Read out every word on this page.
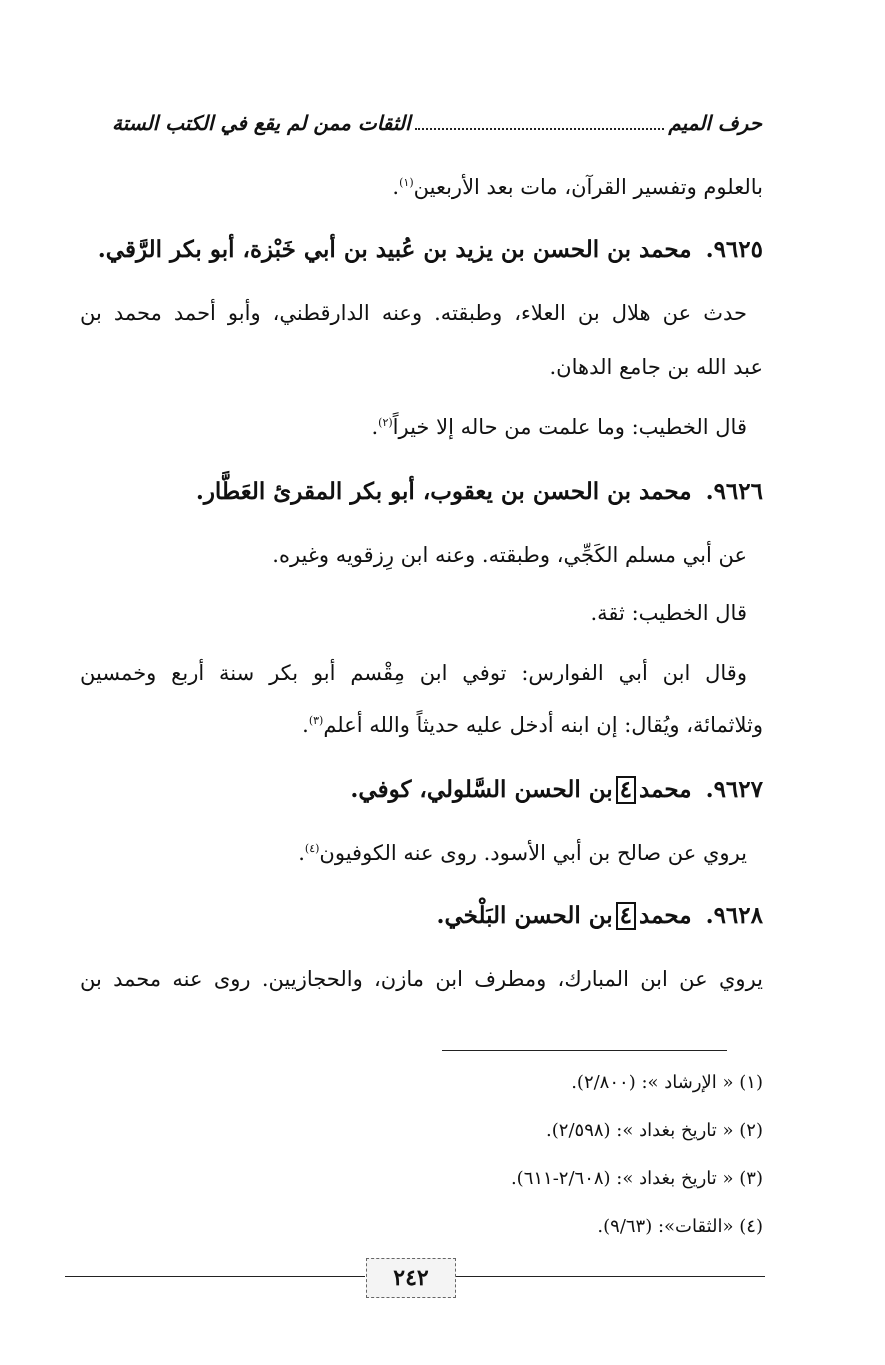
حرف الميم
الثقات ممن لم يقع في الكتب الستة
بالعلوم وتفسير القرآن، مات بعد الأربعين$^{(١)}$.
٩٦٢٥.محمد بن الحسن بن يزيد بن عُبيد بن أبي خَبْزة، أبو بكر الرَّقي.
حدث عن هلال بن العلاء، وطبقته. وعنه الدارقطني، وأبو أحمد محمد بن
عبد الله بن جامع الدهان.
قال الخطيب: وما علمت من حاله إلا خيراً$^{(٢)}$.
٩٦٢٦.محمد بن الحسن بن يعقوب، أبو بكر المقرئ العَطَّار.
عن أبي مسلم الكَجِّي، وطبقته. وعنه ابن رِزقويه وغيره.
قال الخطيب: ثقة.
وقال ابن أبي الفوارس: توفي ابن مِقْسم أبو بكر سنة أربع وخمسين
وثلاثمائة، ويُقال: إن ابنه أدخل عليه حديثاً والله أعلم$^{(٣)}$.
٩٦٢٧.محمد٤بن الحسن السَّلولي، كوفي.
يروي عن صالح بن أبي الأسود. روى عنه الكوفيون$^{(٤)}$.
٩٦٢٨.محمد٤بن الحسن البَلْخي.
يروي عن ابن المبارك، ومطرف ابن مازن، والحجازيين. روى عنه محمد بن
(١) « الإرشاد »: (٢/٨٠٠).
(٢) « تاريخ بغداد »: (٢/٥٩٨).
(٣) « تاريخ بغداد »: (٢/٦٠٨-٦١١).
(٤) «الثقات»: (٩/٦٣).
٢٤٢
